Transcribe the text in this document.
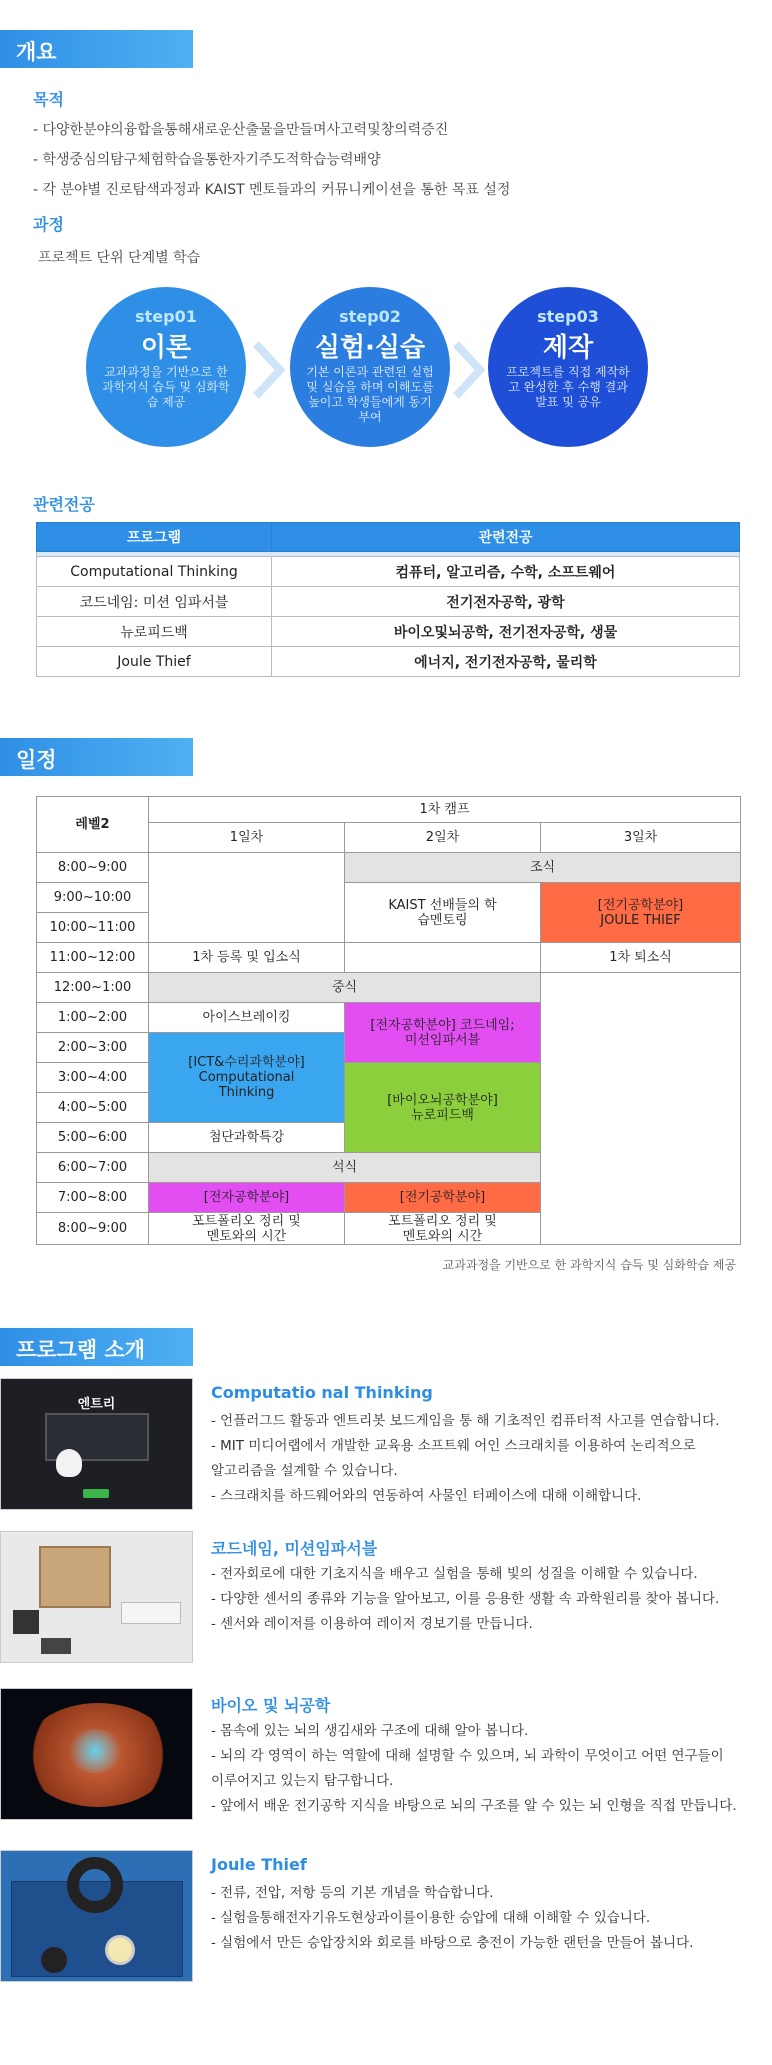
개요
목적
- 다양한분야의융합을통해새로운산출물을만들며사고력및창의력증진
- 학생중심의탐구체험학습을통한자기주도적학습능력배양
- 각 분야별 진로탐색과정과 KAIST 멘토들과의 커뮤니케이션을 통한 목표 설정
과정
프로젝트 단위 단계별 학습
step01
이론
교과과정을 기반으로 한 과학지식 습득 및 심화학습 제공
step02
실험·실습
기본 이론과 관련된 실험 및 실습을 하며 이해도를 높이고 학생들에게 동기부여
step03
제작
프로젝트를 직접 제작하고 완성한 후 수행 결과 발표 및 공유
관련전공
프로그램	관련전공

Computational Thinking	컴퓨터, 알고리즘, 수학, 소프트웨어
코드네임: 미션 임파서블	전기전자공학, 광학
뉴로피드백	바이오및뇌공학, 전기전자공학, 생물
Joule Thief	에너지, 전기전자공학, 물리학
일정
레벨2	1차 캠프		
	1일차	2일차	3일차
8:00~9:00		조식	
9:00~10:00		KAIST 선배들의 학습멘토링	[전기공학분야] JOULE THIEF
10:00~11:00			
11:00~12:00	1차 등록 및 입소식		1차 퇴소식
12:00~1:00	중식		
1:00~2:00	아이스브레이킹	[전자공학분야] 코드네임;미션임파서블	
2:00~3:00	[ICT&수리과학분야] Computational Thinking		
3:00~4:00		[바이오뇌공학분야] 뉴로피드백	
4:00~5:00			
5:00~6:00	첨단과학특강		
6:00~7:00	석식		
7:00~8:00	[전자공학분야]	[전기공학분야]	
8:00~9:00	포트폴리오 정리 및 멘토와의 시간	포트폴리오 정리 및 멘토와의 시간	
교과과정을 기반으로 한 과학지식 습득 및 심화학습 제공
프로그램 소개
엔트리
Computatio nal Thinking
- 언플러그드 활동과 엔트리봇 보드게임을 통 해 기초적인 컴퓨터적 사고를 연습합니다.
- MIT 미디어랩에서 개발한 교육용 소프트웨 어인 스크래치를 이용하여 논리적으로
알고리즘을 설계할 수 있습니다.
- 스크래치를 하드웨어와의 연동하여 사물인 터페이스에 대해 이해합니다.
코드네임, 미션임파서블
- 전자회로에 대한 기초지식을 배우고 실험을 통해 빛의 성질을 이해할 수 있습니다.
- 다양한 센서의 종류와 기능을 알아보고, 이를 응용한 생활 속 과학원리를 찾아 봅니다.
- 센서와 레이저를 이용하여 레이저 경보기를 만듭니다.
바이오 및 뇌공학
- 몸속에 있는 뇌의 생김새와 구조에 대해 알아 봅니다.
- 뇌의 각 영역이 하는 역할에 대해 설명할 수 있으며, 뇌 과학이 무엇이고 어떤 연구들이
이루어지고 있는지 탐구합니다.
- 앞에서 배운 전기공학 지식을 바탕으로 뇌의 구조를 알 수 있는 뇌 인형을 직접 만듭니다.
Joule Thief
- 전류, 전압, 저항 등의 기본 개념을 학습합니다.
- 실험을통해전자기유도현상과이를이용한 승압에 대해 이해할 수 있습니다.
- 실험에서 만든 승압장치와 회로를 바탕으로 충전이 가능한 랜턴을 만들어 봅니다.
